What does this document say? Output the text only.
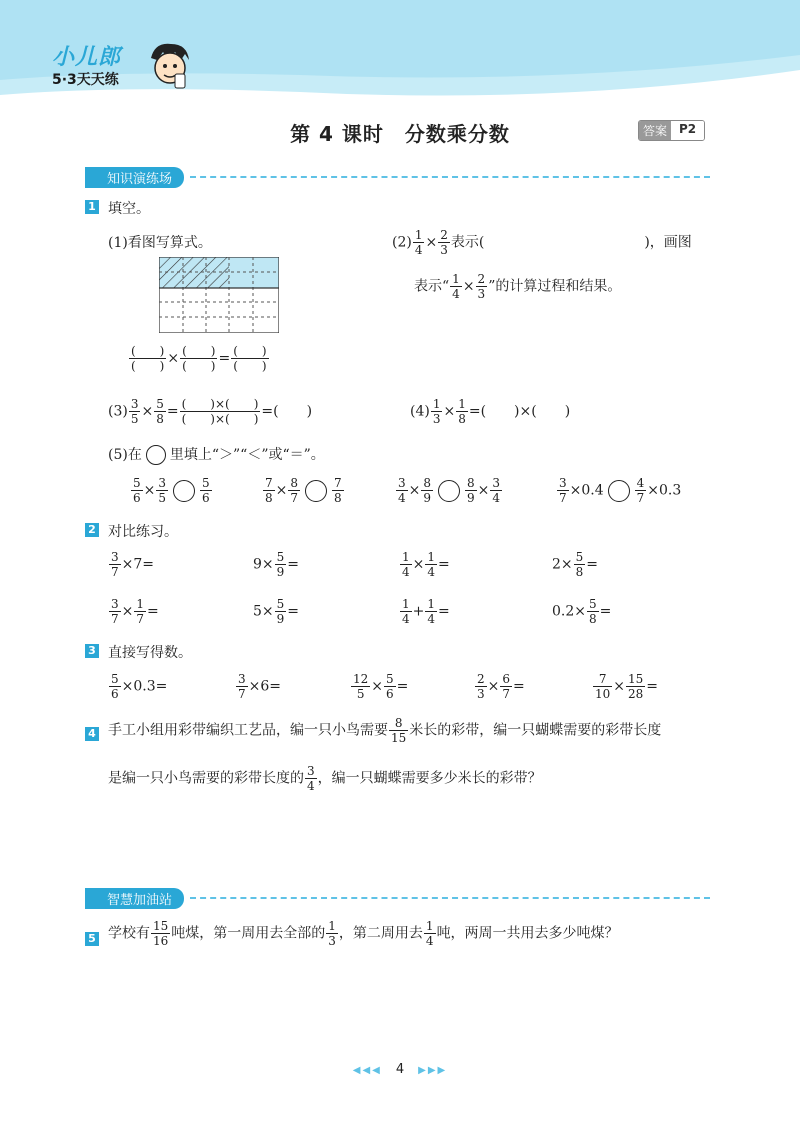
小儿郎
5·3天天练
第 4 课时　分数乘分数	答案	P2
知识演练场
1 填空。
(1)看图写算式。
$\frac{( )}{( )} \times \frac{( )}{( )} = \frac{( )}{( )}$
$(2) \frac{1}{4} \times \frac{2}{3}$ 表示(	)，画图
表示“ $\frac{1}{4} \times \frac{2}{3}$ ”的计算过程和结果。
$(3) \frac{3}{5} \times \frac{5}{8} = \frac{( )\times( )}{( )\times( )}$ =(　　)	$(4) \frac{1}{3} \times \frac{1}{8}$ =(　　)×(　　)
(5)在 里填上“＞”“＜”或“＝”。
$\frac{5}{6} \times \frac{3}{5}$	$\frac{5}{6}$	$\frac{7}{8} \times \frac{8}{7}$	$\frac{7}{8}$	$\frac{3}{4} \times \frac{8}{9}$	$\frac{8}{9} \times \frac{3}{4}$	$\frac{3}{7} \times 0.4$	$\frac{4}{7} \times 0.3$
2 对比练习。
$\frac{3}{7} \times 7=$	$9\times \frac{5}{9}$ =	$\frac{1}{4} \times \frac{1}{4}$ =	$2\times \frac{5}{8}$ =
$\frac{3}{7} \times \frac{1}{7}$ =	$5\times \frac{5}{9}$ =	$\frac{1}{4} + \frac{1}{4}$ =	$0.2\times \frac{5}{8}$ =
3 直接写得数。
$\frac{5}{6} \times 0.3=$	$\frac{3}{7} \times 6=$	$\frac{12}{5} \times \frac{5}{6}$ =	$\frac{2}{3} \times \frac{6}{7}$ =	$\frac{7}{10} \times \frac{15}{28}$ =
4 手工小组用彩带编织工艺品，编一只小鸟需要 $\frac{8}{15}$ 米长的彩带，编一只蝴蝶需要的彩带长度
是编一只小鸟需要的彩带长度的 $\frac{3}{4}$ ，编一只蝴蝶需要多少米长的彩带？
智慧加油站
5 学校有 $\frac{15}{16}$ 吨煤，第一周用去全部的 $\frac{1}{3}$ ，第二周用去 $\frac{1}{4}$ 吨，两周一共用去多少吨煤？
◀◀◀ 4 ▶▶▶
